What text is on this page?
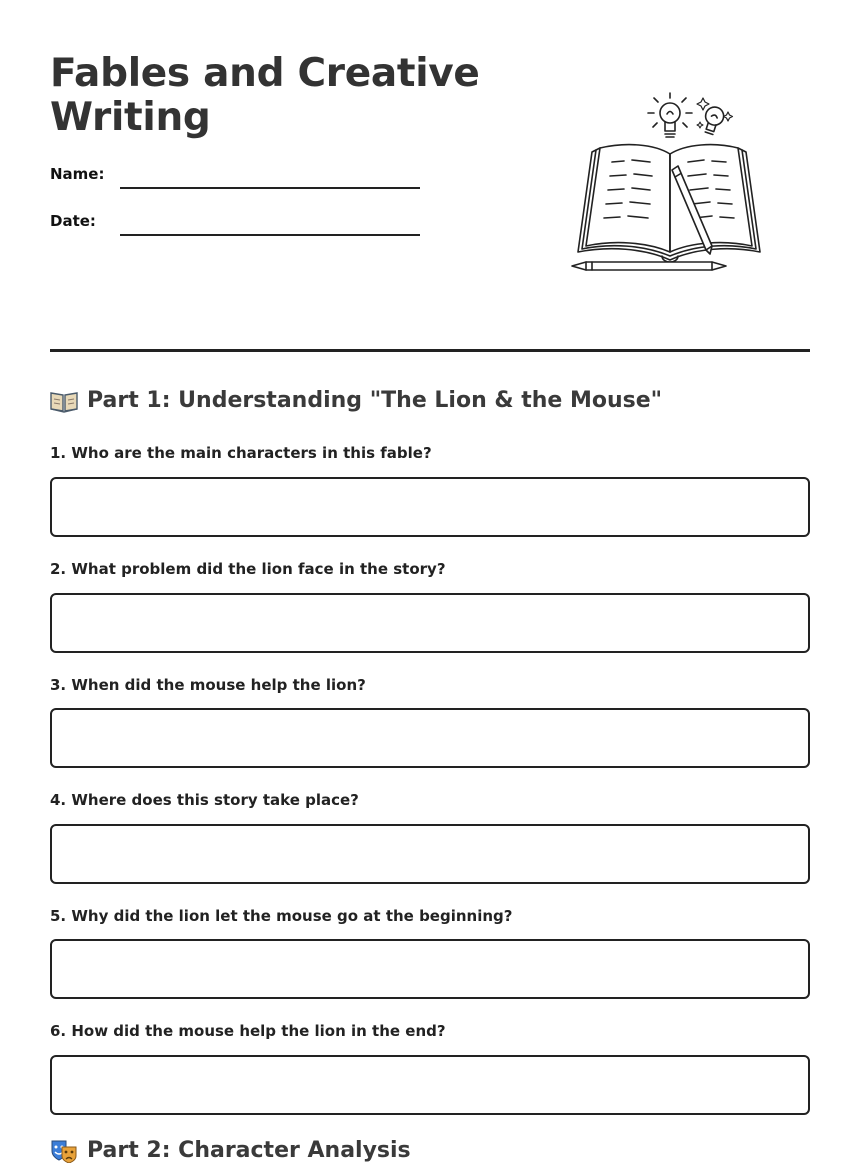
Fables and Creative Writing
Name:
Date:
Part 1: Understanding "The Lion & the Mouse"
1. Who are the main characters in this fable?
2. What problem did the lion face in the story?
3. When did the mouse help the lion?
4. Where does this story take place?
5. Why did the lion let the mouse go at the beginning?
6. How did the mouse help the lion in the end?
Part 2: Character Analysis
